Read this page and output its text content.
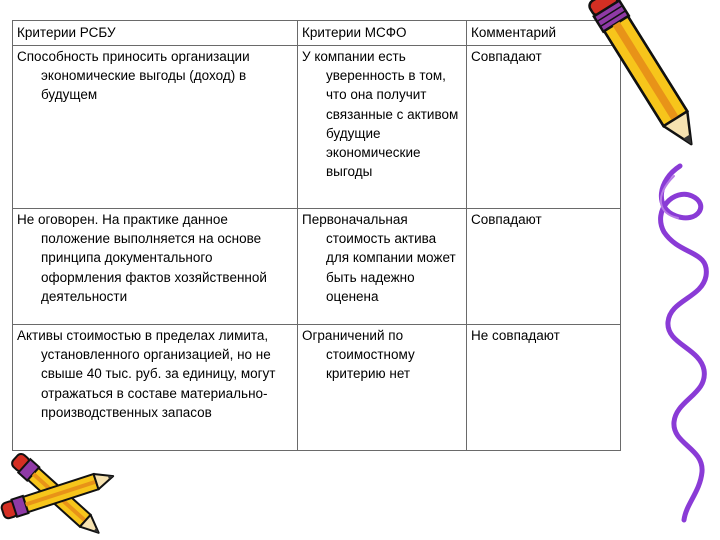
Критерии РСБУ	Критерии МСФО	Комментарий

Способность приносить организации экономические выгоды (доход) в будущем	У компании есть уверенность в том, что она получит связанные с активом будущие экономические выгоды	Совпадают

Не оговорен. На практике данное положение выполняется на основе принципа документального оформления фактов хозяйственной деятельности	Первоначальная стоимость актива для компании может быть надежно оценена	Совпадают

Активы стоимостью в пределах лимита, установленного организацией, но не свыше 40 тыс. руб. за единицу, могут отражаться в составе материально-производственных запасов	Ограничений по стоимостному критерию нет	Не совпадают
